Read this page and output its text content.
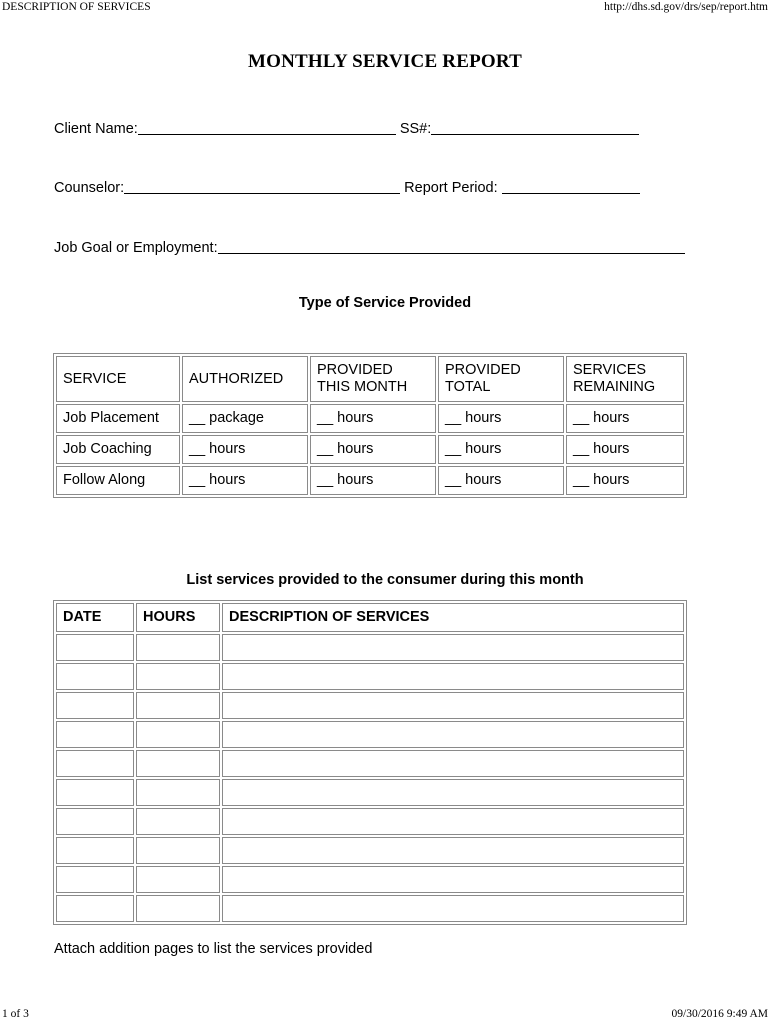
DESCRIPTION OF SERVICES	http://dhs.sd.gov/drs/sep/report.htm
MONTHLY SERVICE REPORT
Client Name:	SS#:
Counselor:	Report Period:
Job Goal or Employment:
Type of Service Provided
SERVICE	AUTHORIZED	PROVIDED THIS MONTH	PROVIDED TOTAL	SERVICES REMAINING
Job Placement	__ package	__ hours	__ hours	__ hours
Job Coaching	__ hours	__ hours	__ hours	__ hours
Follow Along	__ hours	__ hours	__ hours	__ hours
List services provided to the consumer during this month
DATE	HOURS	DESCRIPTION OF SERVICES

Attach addition pages to list the services provided
1 of 3	09/30/2016 9:49 AM
